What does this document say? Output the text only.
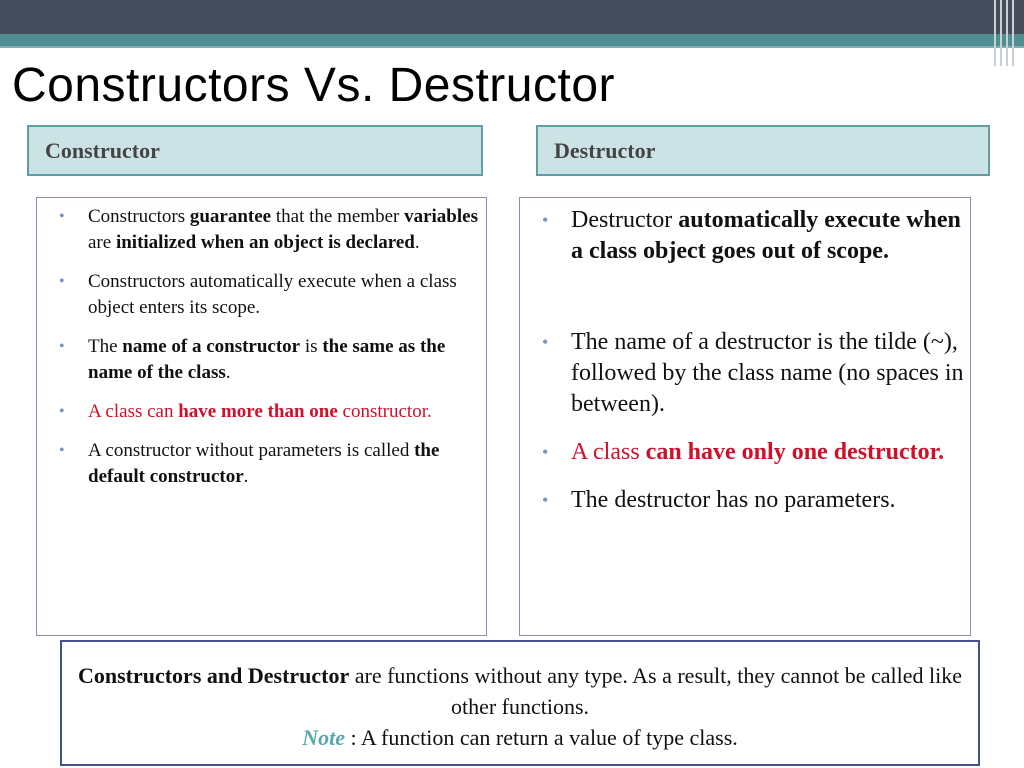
Constructors Vs. Destructor
Constructor
• Constructors guarantee that the member variables are initialized when an object is declared.
• Constructors automatically execute when a class object enters its scope.
• The name of a constructor is the same as the name of the class.
• A class can have more than one constructor.
• A constructor without parameters is called the default constructor.
Destructor
• Destructor automatically execute when a class object goes out of scope.
• The name of a destructor is the tilde (~), followed by the class name (no spaces in between).
• A class can have only one destructor.
• The destructor has no parameters.
Constructors and Destructor are functions without any type. As a result, they cannot be called like other functions.
Note : A function can return a value of type class.
